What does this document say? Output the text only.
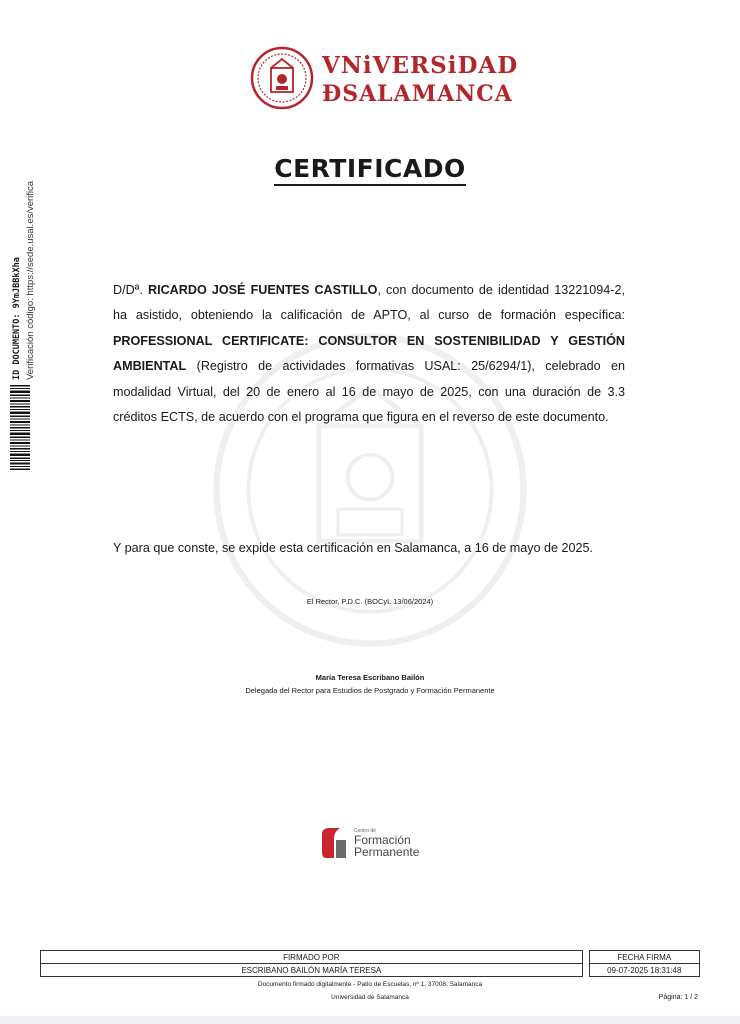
VNiVERSiDAD
ÐSALAMANCA
CERTIFICADO
D/Dª. RICARDO JOSÉ FUENTES CASTILLO, con documento de identidad 13221094-2, ha asistido, obteniendo la calificación de APTO, al curso de formación específica: PROFESSIONAL CERTIFICATE: CONSULTOR EN SOSTENIBILIDAD Y GESTIÓN AMBIENTAL (Registro de actividades formativas USAL: 25/6294/1), celebrado en modalidad Virtual, del 20 de enero al 16 de mayo de 2025, con una duración de 3.3 créditos ECTS, de acuerdo con el programa que figura en el reverso de este documento.
Y para que conste, se expide esta certificación en Salamanca, a 16 de mayo de 2025.
El Rector, P.D.C. (BOCyL 13/06/2024)
María Teresa Escribano Bailón
Delegada del Rector para Estudios de Postgrado y Formación Permanente
Centro de
Formación
Permanente
ID DOCUMENTO: 9YmJBBkXha Verificación código: https://sede.usal.es/verifica
FIRMADO POR		FECHA FIRMA
ESCRIBANO BAILÓN MARÍA TERESA		09-07-2025 18:31:48
Documento firmado digitalmente - Patio de Escuelas, nº 1, 37008, Salamanca
Universidad de Salamanca	Página: 1 / 2
